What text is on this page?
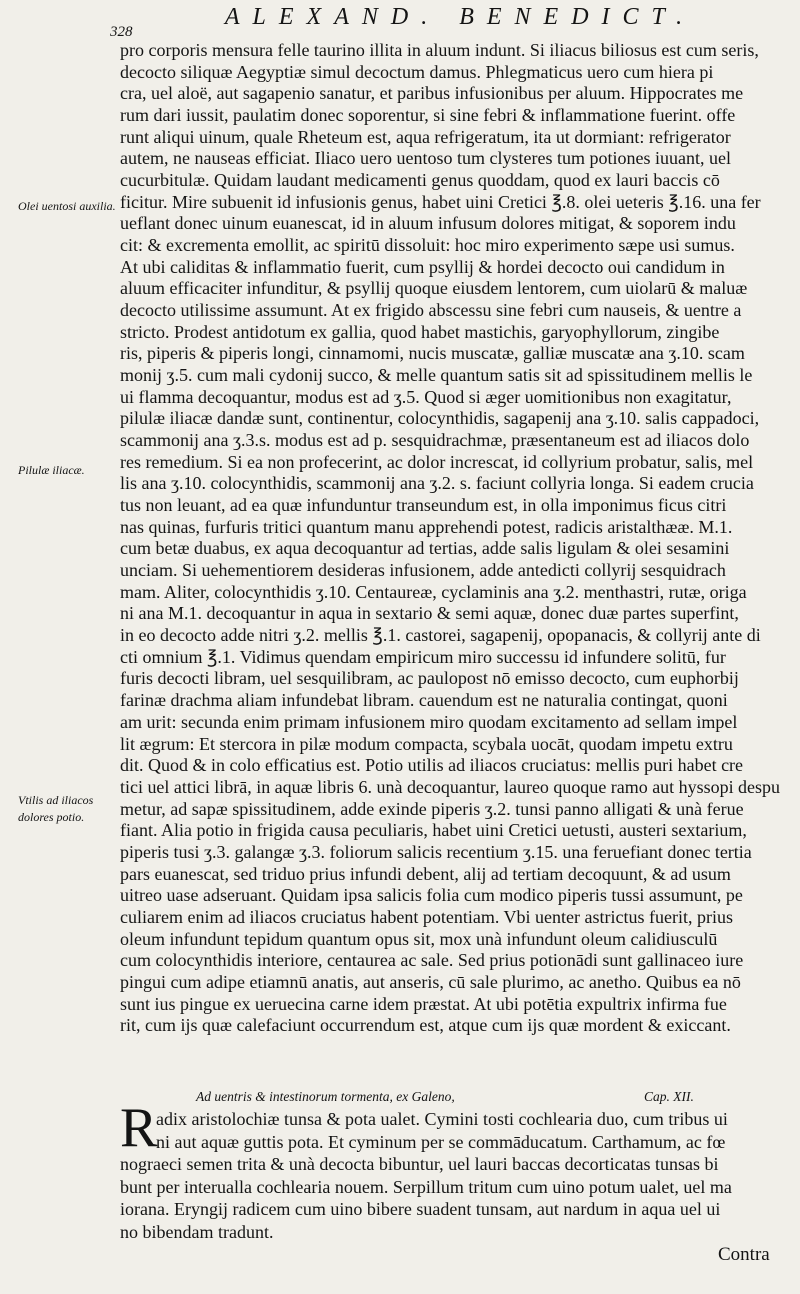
328
ALEXAND. BENEDICT.
Olei uentosi auxilia.
Pilulæ iliacæ.
Vtilis ad iliacos dolores potio.
pro corporis mensura felle taurino illita in aluum indunt. Si iliacus biliosus est cum seris,
decocto siliquæ Aegyptiæ simul decoctum damus. Phlegmaticus uero cum hiera pi
cra, uel aloë, aut sagapenio sanatur, et paribus infusionibus per aluum. Hippocrates me
rum dari iussit, paulatim donec soporentur, si sine febri & inflammatione fuerint. offe
runt aliqui uinum, quale Rheteum est, aqua refrigeratum, ita ut dormiant: refrigerator
autem, ne nauseas efficiat. Iliaco uero uentoso tum clysteres tum potiones iuuant, uel
cucurbitulæ. Quidam laudant medicamenti genus quoddam, quod ex lauri baccis cō
ficitur. Mire subuenit id infusionis genus, habet uini Cretici ℥.8. olei ueteris ℥.16. una fer
ueflant donec uinum euanescat, id in aluum infusum dolores mitigat, & soporem indu
cit: & excrementa emollit, ac spiritū dissoluit: hoc miro experimento sæpe usi sumus.
At ubi caliditas & inflammatio fuerit, cum psyllij & hordei decocto oui candidum in
aluum efficaciter infunditur, & psyllij quoque eiusdem lentorem, cum uiolarū & maluæ
decocto utilissime assumunt. At ex frigido abscessu sine febri cum nauseis, & uentre a
stricto. Prodest antidotum ex gallia, quod habet mastichis, garyophyllorum, zingibe
ris, piperis & piperis longi, cinnamomi, nucis muscatæ, galliæ muscatæ ana ʒ.10. scam
monij ʒ.5. cum mali cydonij succo, & melle quantum satis sit ad spissitudinem mellis le
ui flamma decoquantur, modus est ad ʒ.5. Quod si æger uomitionibus non exagitatur,
pilulæ iliacæ dandæ sunt, continentur, colocynthidis, sagapenij ana ʒ.10. salis cappadoci,
scammonij ana ʒ.3.s. modus est ad p. sesquidrachmæ, præsentaneum est ad iliacos dolo
res remedium. Si ea non profecerint, ac dolor increscat, id collyrium probatur, salis, mel
lis ana ʒ.10. colocynthidis, scammonij ana ʒ.2. s. faciunt collyria longa. Si eadem crucia
tus non leuant, ad ea quæ infunduntur transeundum est, in olla imponimus ficus citri
nas quinas, furfuris tritici quantum manu apprehendi potest, radicis aristalthææ. M.1.
cum betæ duabus, ex aqua decoquantur ad tertias, adde salis ligulam & olei sesamini
unciam. Si uehementiorem desideras infusionem, adde antedicti collyrij sesquidrach
mam. Aliter, colocynthidis ʒ.10. Centaureæ, cyclaminis ana ʒ.2. menthastri, rutæ, origa
ni ana M.1. decoquantur in aqua in sextario & semi aquæ, donec duæ partes superfint,
in eo decocto adde nitri ʒ.2. mellis ℥.1. castorei, sagapenij, opopanacis, & collyrij ante di
cti omnium ℥.1. Vidimus quendam empiricum miro successu id infundere solitū, fur
furis decocti libram, uel sesquilibram, ac paulopost nō emisso decocto, cum euphorbij
farinæ drachma aliam infundebat libram. cauendum est ne naturalia contingat, quoni
am urit: secunda enim primam infusionem miro quodam excitamento ad sellam impel
lit ægrum: Et stercora in pilæ modum compacta, scybala uocāt, quodam impetu extru
dit. Quod & in colo efficatius est. Potio utilis ad iliacos cruciatus: mellis puri habet cre
tici uel attici librā, in aquæ libris 6. unà decoquantur, laureo quoque ramo aut hyssopi despu
metur, ad sapæ spissitudinem, adde exinde piperis ʒ.2. tunsi panno alligati & unà ferue
fiant. Alia potio in frigida causa peculiaris, habet uini Cretici uetusti, austeri sextarium,
piperis tusi ʒ.3. galangæ ʒ.3. foliorum salicis recentium ʒ.15. una feruefiant donec tertia
pars euanescat, sed triduo prius infundi debent, alij ad tertiam decoquunt, & ad usum
uitreo uase adseruant. Quidam ipsa salicis folia cum modico piperis tussi assumunt, pe
culiarem enim ad iliacos cruciatus habent potentiam. Vbi uenter astrictus fuerit, prius
oleum infundunt tepidum quantum opus sit, mox unà infundunt oleum calidiusculū
cum colocynthidis interiore, centaurea ac sale. Sed prius potionādi sunt gallinaceo iure
pingui cum adipe etiamnū anatis, aut anseris, cū sale plurimo, ac anetho. Quibus ea nō
sunt ius pingue ex ueruecina carne idem præstat. At ubi potētia expultrix infirma fue
rit, cum ijs quæ calefaciunt occurrendum est, atque cum ijs quæ mordent & exiccant.
Ad uentris & intestinorum tormenta, ex Galeno,	Cap. XII.
R
adix aristolochiæ tunsa & pota ualet. Cymini tosti cochlearia duo, cum tribus ui
ni aut aquæ guttis pota. Et cyminum per se commāducatum. Carthamum, ac fœ
nograeci semen trita & unà decocta bibuntur, uel lauri baccas decorticatas tunsas bi
bunt per interualla cochlearia nouem. Serpillum tritum cum uino potum ualet, uel ma
iorana. Eryngij radicem cum uino bibere suadent tunsam, aut nardum in aqua uel ui
no bibendam tradunt.
Contra
